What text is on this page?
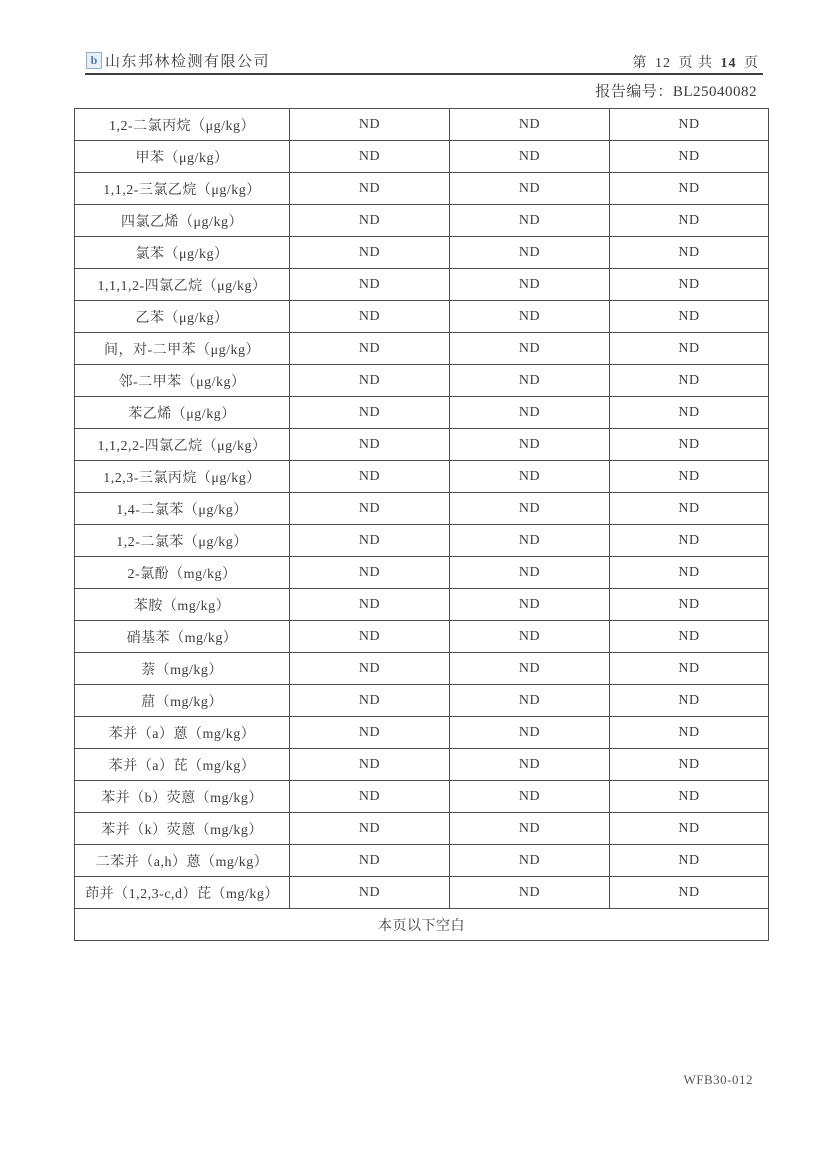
b 山东邦林检测有限公司	第 12 页 共 14 页
报告编号：BL25040082
1,2-二氯丙烷（μg/kg）	ND	ND	ND
甲苯（μg/kg）	ND	ND	ND
1,1,2-三氯乙烷（μg/kg）	ND	ND	ND
四氯乙烯（μg/kg）	ND	ND	ND
氯苯（μg/kg）	ND	ND	ND
1,1,1,2-四氯乙烷（μg/kg）	ND	ND	ND
乙苯（μg/kg）	ND	ND	ND
间，对-二甲苯（μg/kg）	ND	ND	ND
邻-二甲苯（μg/kg）	ND	ND	ND
苯乙烯（μg/kg）	ND	ND	ND
1,1,2,2-四氯乙烷（μg/kg）	ND	ND	ND
1,2,3-三氯丙烷（μg/kg）	ND	ND	ND
1,4-二氯苯（μg/kg）	ND	ND	ND
1,2-二氯苯（μg/kg）	ND	ND	ND
2-氯酚（mg/kg）	ND	ND	ND
苯胺（mg/kg）	ND	ND	ND
硝基苯（mg/kg）	ND	ND	ND
萘（mg/kg）	ND	ND	ND
䓛（mg/kg）	ND	ND	ND
苯并（a）蒽（mg/kg）	ND	ND	ND
苯并（a）芘（mg/kg）	ND	ND	ND
苯并（b）荧蒽（mg/kg）	ND	ND	ND
苯并（k）荧蒽（mg/kg）	ND	ND	ND
二苯并（a,h）蒽（mg/kg）	ND	ND	ND
茚并（1,2,3-c,d）芘（mg/kg）	ND	ND	ND
本页以下空白			
WFB30-012
